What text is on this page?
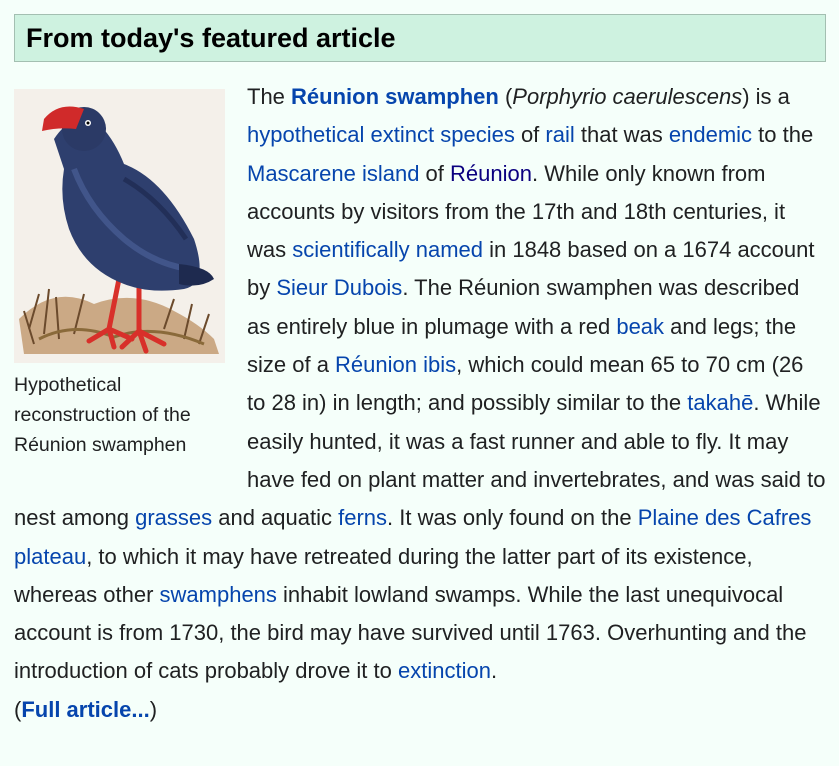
From today's featured article

The Réunion swamphen (Porphyrio caerulescens) is a hypothetical extinct species of rail that was endemic to the Mascarene island of Réunion. While only known from accounts by visitors from the 17th and 18th centuries, it was scientifically named in 1848 based on a 1674 account by Sieur Dubois. The Réunion swamphen was described as entirely blue in plumage with a red beak and legs; the size of a Réunion ibis, which could mean 65 to 70 cm (26 to 28 in) in length; and possibly similar to the takahē. While easily hunted, it was a fast runner and able to fly. It may have fed on plant matter and invertebrates, and was said to nest among grasses and aquatic ferns. It was only found on the Plaine des Cafres plateau, to which it may have retreated during the latter part of its existence, whereas other swamphens inhabit lowland swamps. While the last unequivocal account is from 1730, the bird may have survived until 1763. Overhunting and the introduction of cats probably drove it to extinction.

(Full article...)

Hypothetical reconstruction of the Réunion swamphen
